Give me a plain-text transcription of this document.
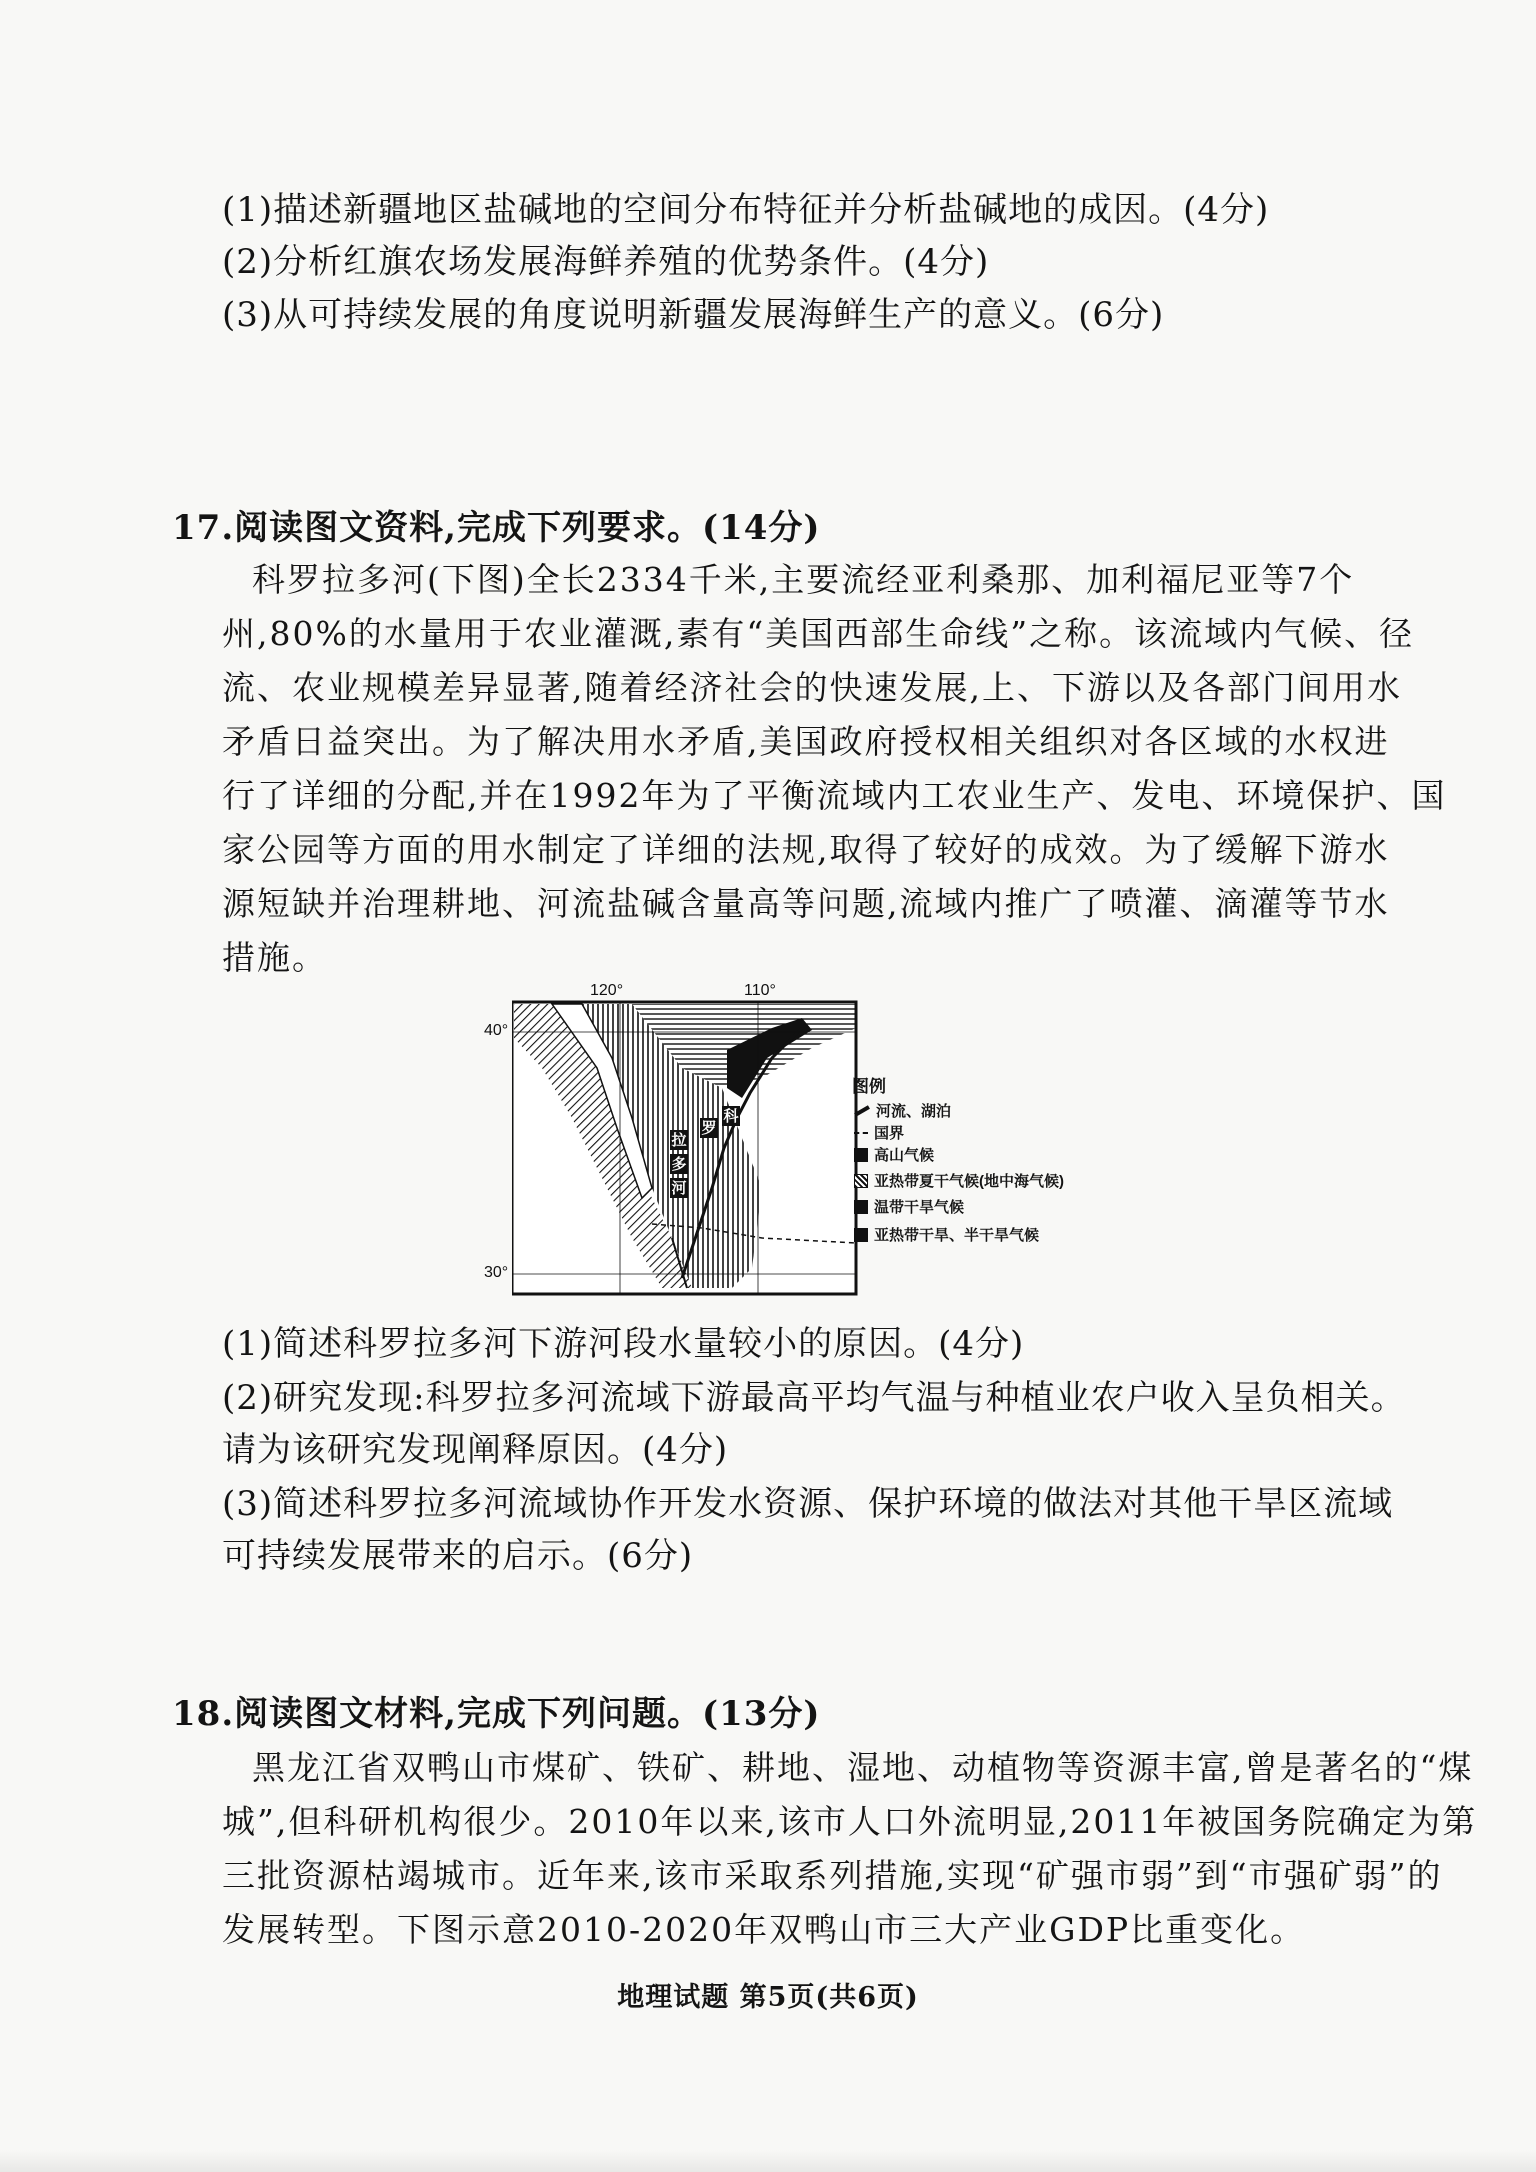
(1)描述新疆地区盐碱地的空间分布特征并分析盐碱地的成因。(4分)
(2)分析红旗农场发展海鲜养殖的优势条件。(4分)
(3)从可持续发展的角度说明新疆发展海鲜生产的意义。(6分)
17.阅读图文资料,完成下列要求。(14分)
科罗拉多河(下图)全长2334千米,主要流经亚利桑那、加利福尼亚等7个
州,80%的水量用于农业灌溉,素有“美国西部生命线”之称。该流域内气候、径
流、农业规模差异显著,随着经济社会的快速发展,上、下游以及各部门间用水
矛盾日益突出。为了解决用水矛盾,美国政府授权相关组织对各区域的水权进
行了详细的分配,并在1992年为了平衡流域内工农业生产、发电、环境保护、国
家公园等方面的用水制定了详细的法规,取得了较好的成效。为了缓解下游水
源短缺并治理耕地、河流盐碱含量高等问题,流域内推广了喷灌、滴灌等节水
措施。
120°	110°
40°
30°
科
罗
拉
多
河
图例
河流、湖泊
国界
高山气候
亚热带夏干气候(地中海气候)
温带干旱气候
亚热带干旱、半干旱气候
(1)简述科罗拉多河下游河段水量较小的原因。(4分)
(2)研究发现:科罗拉多河流域下游最高平均气温与种植业农户收入呈负相关。
请为该研究发现阐释原因。(4分)
(3)简述科罗拉多河流域协作开发水资源、保护环境的做法对其他干旱区流域
可持续发展带来的启示。(6分)
18.阅读图文材料,完成下列问题。(13分)
黑龙江省双鸭山市煤矿、铁矿、耕地、湿地、动植物等资源丰富,曾是著名的“煤
城”,但科研机构很少。2010年以来,该市人口外流明显,2011年被国务院确定为第
三批资源枯竭城市。近年来,该市采取系列措施,实现“矿强市弱”到“市强矿弱”的
发展转型。下图示意2010-2020年双鸭山市三大产业GDP比重变化。
地理试题 第5页(共6页)
